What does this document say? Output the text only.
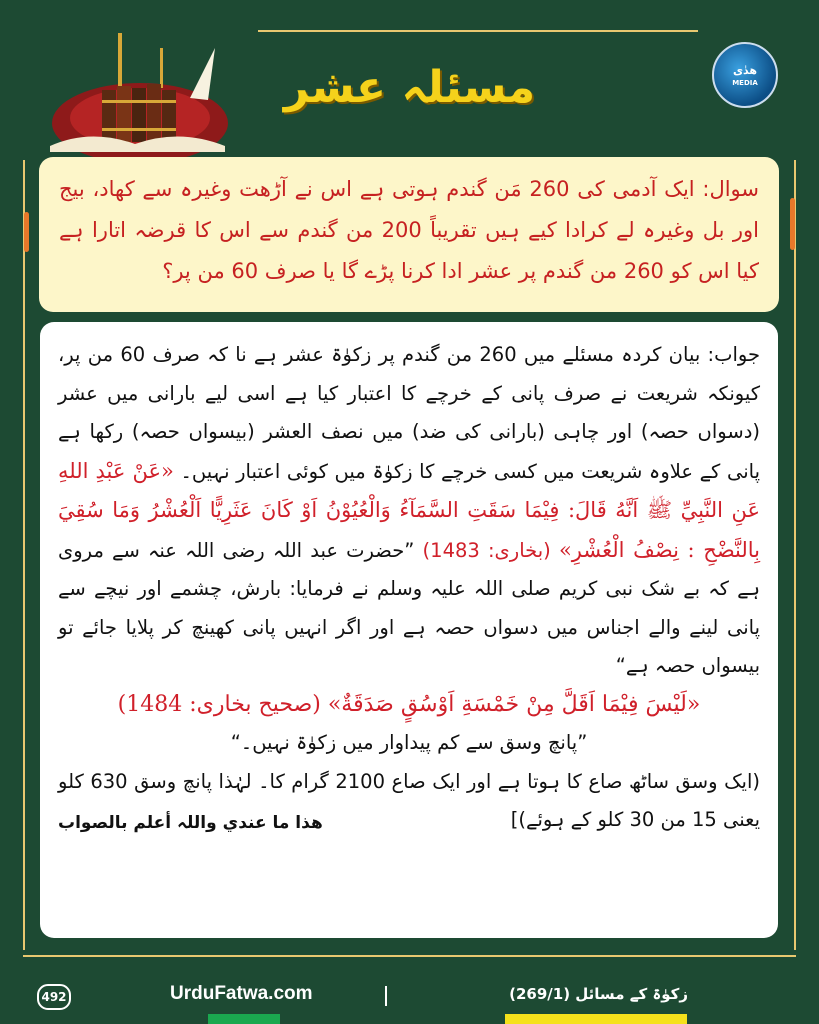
مسئلہ عشر	ھدٰی
MEDIA
سوال: ایک آدمی کی 260 مَن گندم ہوتی ہے اس نے آڑھت وغیرہ سے کھاد، بیج اور بل وغیرہ لے کرادا کیے ہیں تقریباً 200 من گندم سے اس کا قرضہ اتارا ہے کیا اس کو 260 من گندم پر عشر ادا کرنا پڑے گا یا صرف 60 من پر؟

جواب: بیان کردہ مسئلے میں 260 من گندم پر زکوٰۃ عشر ہے نا کہ صرف 60 من پر، کیونکہ شریعت نے صرف پانی کے خرچے کا اعتبار کیا ہے اسی لیے بارانی میں عشر (دسواں حصہ) اور چاہی (بارانی کی ضد) میں نصف العشر (بیسواں حصہ) رکھا ہے پانی کے علاوہ شریعت میں کسی خرچے کا زکوٰۃ میں کوئی اعتبار نہیں۔ «عَنْ عَبْدِ اللهِ عَنِ النَّبِيِّ ﷺ اَنَّهُ قَالَ: فِيْمَا سَقَتِ السَّمَآءُ وَالْعُيُوْنُ اَوْ كَانَ عَثَرِيًّا اَلْعُشْرُ وَمَا سُقِيَ بِالنَّضْحِ : نِصْفُ الْعُشْرِ» (بخاری: 1483) ”حضرت عبد اللہ رضی اللہ عنہ سے مروی ہے کہ بے شک نبی کریم صلی اللہ علیہ وسلم نے فرمایا: بارش، چشمے اور نیچے سے پانی لینے والے اجناس میں دسواں حصہ ہے اور اگر انہیں پانی کھینچ کر پلایا جائے تو بیسواں حصہ ہے“

«لَيْسَ فِيْمَا اَقَلَّ مِنْ خَمْسَةِ اَوْسُقٍ صَدَقَةٌ» (صحیح بخاری: 1484)

”پانچ وسق سے کم پیداوار میں زکوٰۃ نہیں۔“

(ایک وسق ساٹھ صاع کا ہوتا ہے اور ایک صاع 2100 گرام کا۔ لہٰذا پانچ وسق 630 کلو یعنی 15 من 30 کلو کے ہوئے)]

ھذا ما عندي واللہ أعلم بالصواب

492	UrduFatwa.com	زکوٰۃ کے مسائل (269/1)
